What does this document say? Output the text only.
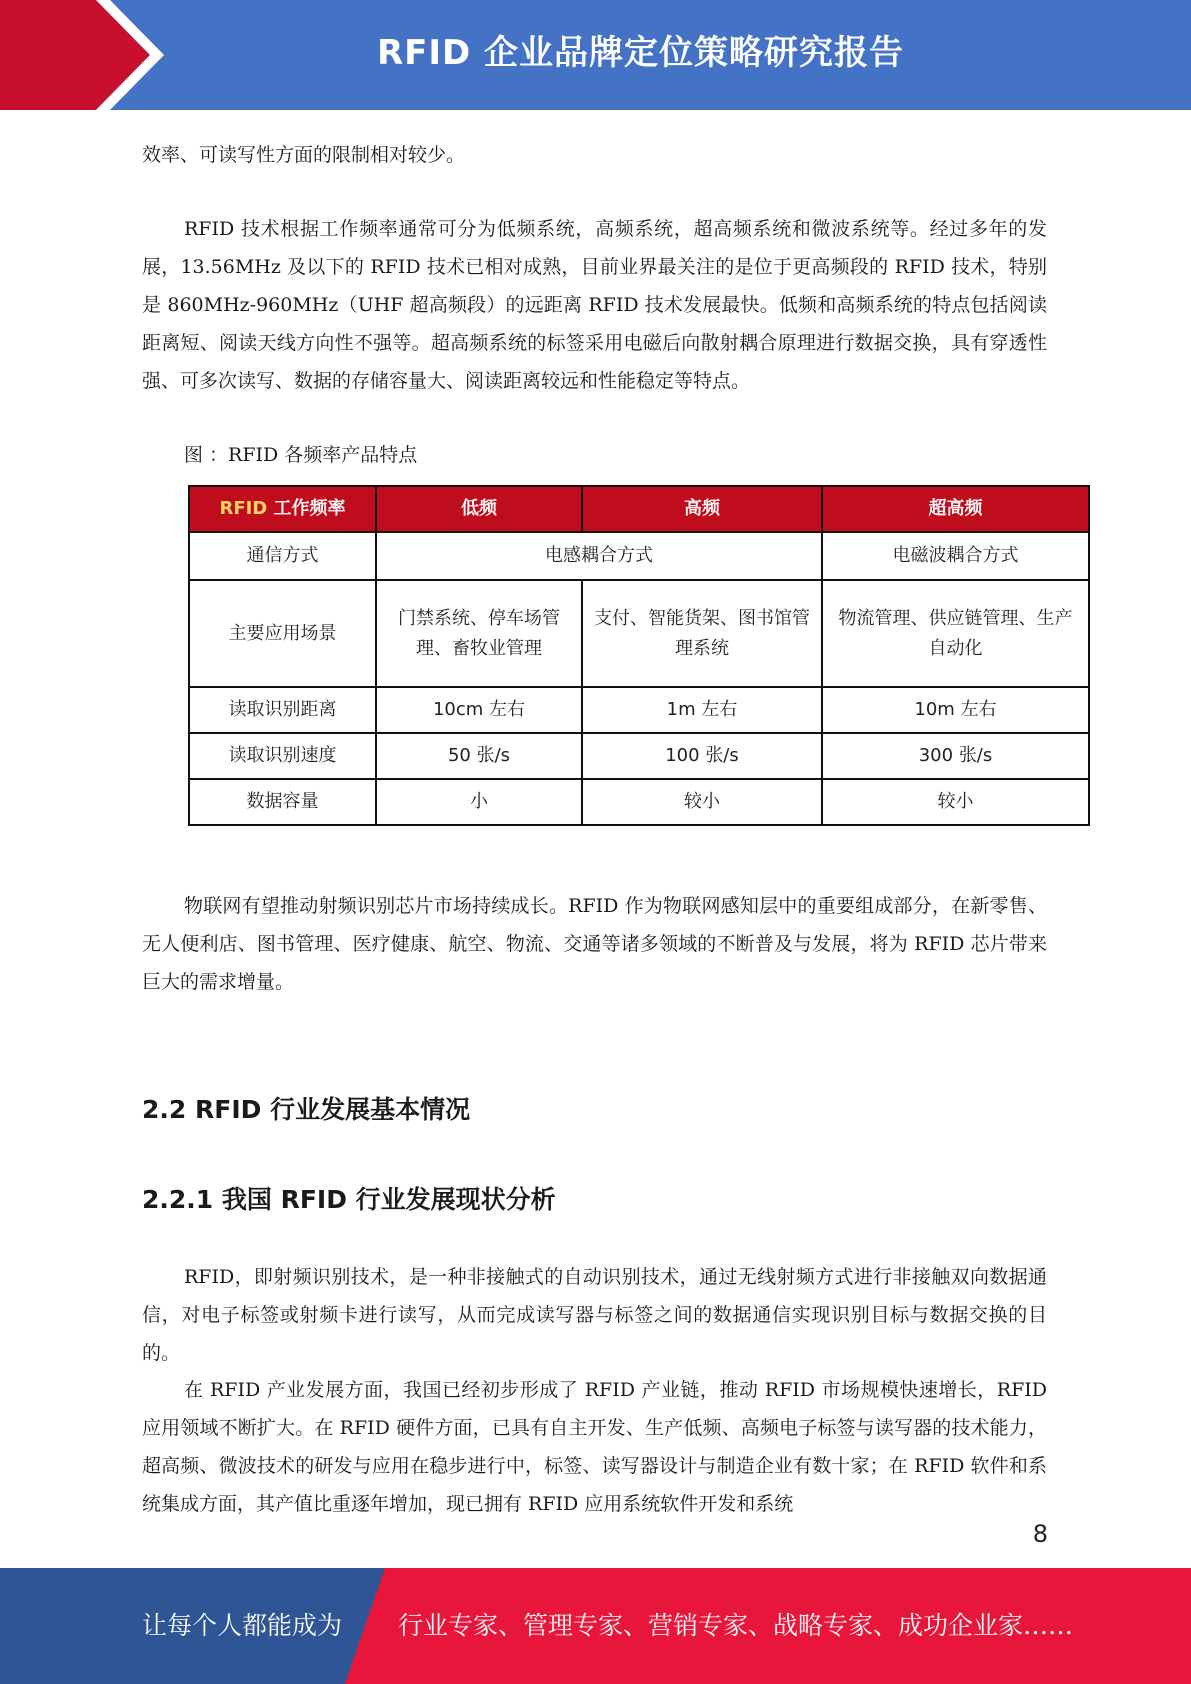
RFID 企业品牌定位策略研究报告

效率、可读写性方面的限制相对较少。

RFID 技术根据工作频率通常可分为低频系统，高频系统，超高频系统和微波系统等。经过多年的发展，13.56MHz 及以下的 RFID 技术已相对成熟，目前业界最关注的是位于更高频段的 RFID 技术，特别是 860MHz-960MHz（UHF 超高频段）的远距离 RFID 技术发展最快。低频和高频系统的特点包括阅读距离短、阅读天线方向性不强等。超高频系统的标签采用电磁后向散射耦合原理进行数据交换，具有穿透性强、可多次读写、数据的存储容量大、阅读距离较远和性能稳定等特点。

图 ：RFID 各频率产品特点
RFID 工作频率	低频	高频	超高频
通信方式	电感耦合方式		电磁波耦合方式
主要应用场景	门禁系统、停车场管理、畜牧业管理	支付、智能货架、图书馆管理系统	物流管理、供应链管理、生产自动化
读取识别距离	10cm 左右	1m 左右	10m 左右
读取识别速度	50 张/s	100 张/s	300 张/s
数据容量	小	较小	较小

物联网有望推动射频识别芯片市场持续成长。RFID 作为物联网感知层中的重要组成部分，在新零售、无人便利店、图书管理、医疗健康、航空、物流、交通等诸多领域的不断普及与发展，将为 RFID 芯片带来巨大的需求增量。

2.2 RFID 行业发展基本情况
2.2.1 我国 RFID 行业发展现状分析

RFID，即射频识别技术，是一种非接触式的自动识别技术，通过无线射频方式进行非接触双向数据通信，对电子标签或射频卡进行读写，从而完成读写器与标签之间的数据通信实现识别目标与数据交换的目的。

在 RFID 产业发展方面，我国已经初步形成了 RFID 产业链，推动 RFID 市场规模快速增长，RFID 应用领域不断扩大。在 RFID 硬件方面，已具有自主开发、生产低频、高频电子标签与读写器的技术能力，超高频、微波技术的研发与应用在稳步进行中，标签、读写器设计与制造企业有数十家；在 RFID 软件和系统集成方面，其产值比重逐年增加，现已拥有 RFID 应用系统软件开发和系统

8
让每个人都能成为 行业专家、管理专家、营销专家、战略专家、成功企业家……
